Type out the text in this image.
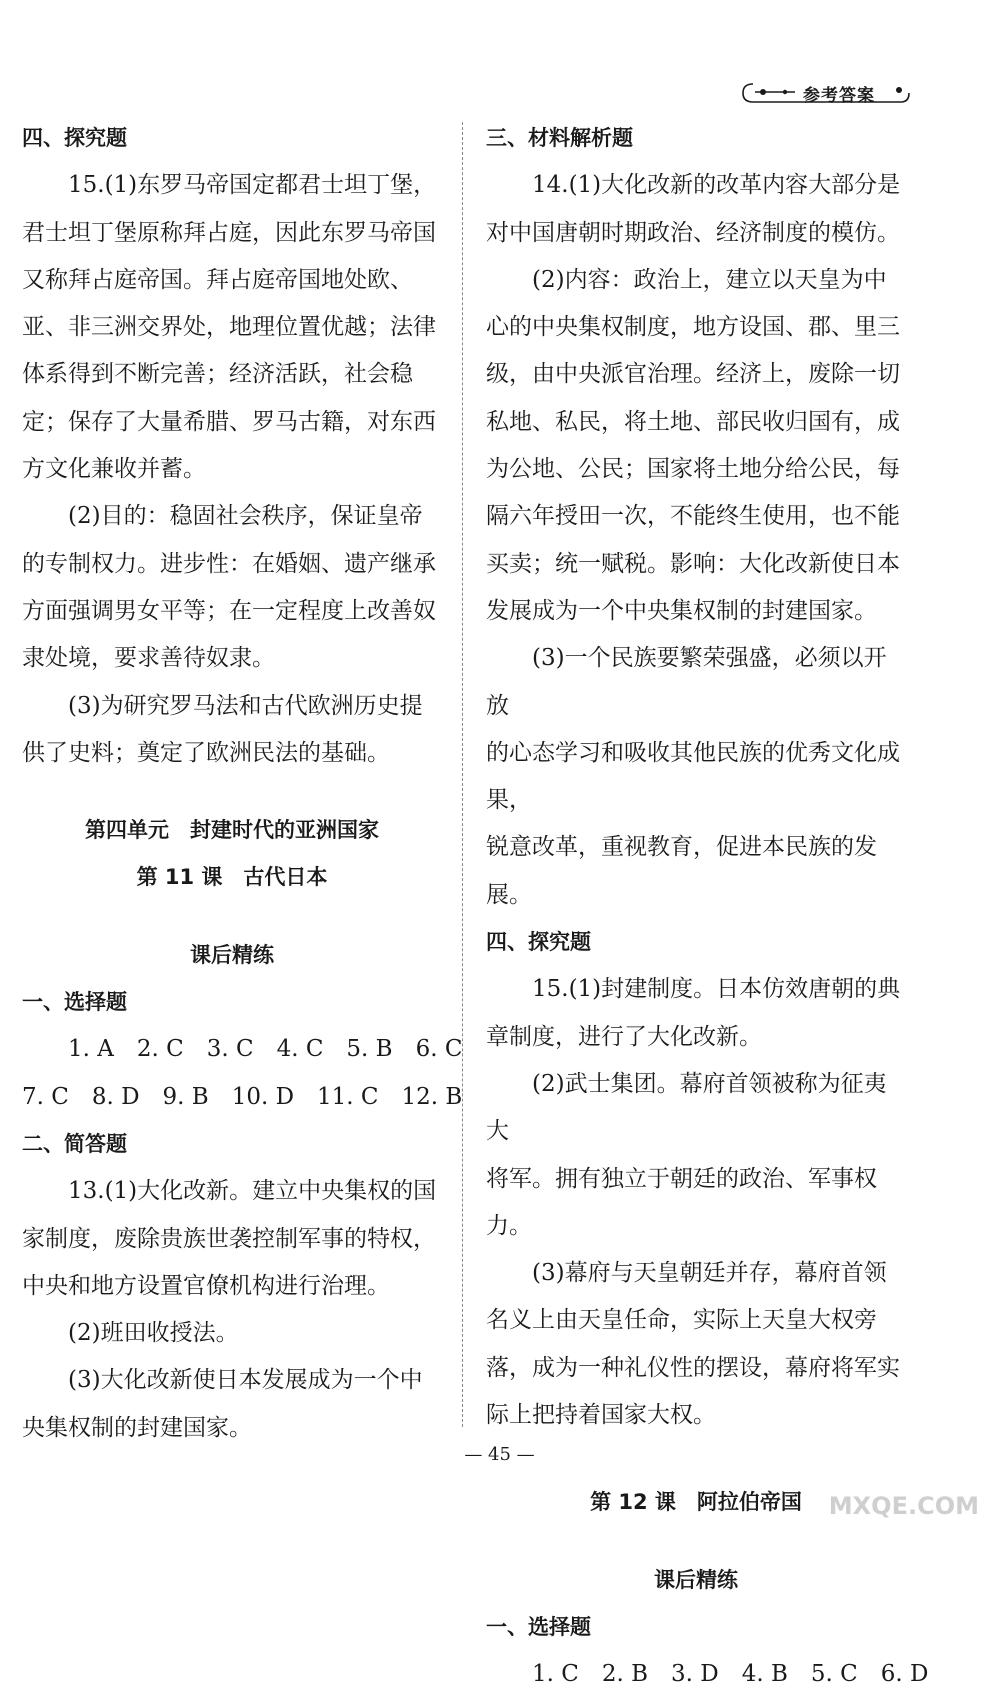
参考答案

四、探究题

15.(1)东罗马帝国定都君士坦丁堡，

君士坦丁堡原称拜占庭，因此东罗马帝国

又称拜占庭帝国。拜占庭帝国地处欧、

亚、非三洲交界处，地理位置优越；法律

体系得到不断完善；经济活跃，社会稳

定；保存了大量希腊、罗马古籍，对东西

方文化兼收并蓄。

(2)目的：稳固社会秩序，保证皇帝

的专制权力。进步性：在婚姻、遗产继承

方面强调男女平等；在一定程度上改善奴

隶处境，要求善待奴隶。

(3)为研究罗马法和古代欧洲历史提

供了史料；奠定了欧洲民法的基础。

第四单元　封建时代的亚洲国家

第 11 课　古代日本

课后精练

一、选择题

1. A　2. C　3. C　4. C　5. B　6. C

7. C　8. D　9. B　10. D　11. C　12. B

二、简答题

13.(1)大化改新。建立中央集权的国

家制度，废除贵族世袭控制军事的特权，

中央和地方设置官僚机构进行治理。

(2)班田收授法。

(3)大化改新使日本发展成为一个中

央集权制的封建国家。

三、材料解析题

14.(1)大化改新的改革内容大部分是

对中国唐朝时期政治、经济制度的模仿。

(2)内容：政治上，建立以天皇为中

心的中央集权制度，地方设国、郡、里三

级，由中央派官治理。经济上，废除一切

私地、私民，将土地、部民收归国有，成

为公地、公民；国家将土地分给公民，每

隔六年授田一次，不能终生使用，也不能

买卖；统一赋税。影响：大化改新使日本

发展成为一个中央集权制的封建国家。

(3)一个民族要繁荣强盛，必须以开放

的心态学习和吸收其他民族的优秀文化成果，

锐意改革，重视教育，促进本民族的发展。

四、探究题

15.(1)封建制度。日本仿效唐朝的典

章制度，进行了大化改新。

(2)武士集团。幕府首领被称为征夷大

将军。拥有独立于朝廷的政治、军事权力。

(3)幕府与天皇朝廷并存，幕府首领

名义上由天皇任命，实际上天皇大权旁

落，成为一种礼仪性的摆设，幕府将军实

际上把持着国家大权。

第 12 课　阿拉伯帝国

课后精练

一、选择题

1. C　2. B　3. D　4. B　5. C　6. D

— 45 —
MXQE.COM
